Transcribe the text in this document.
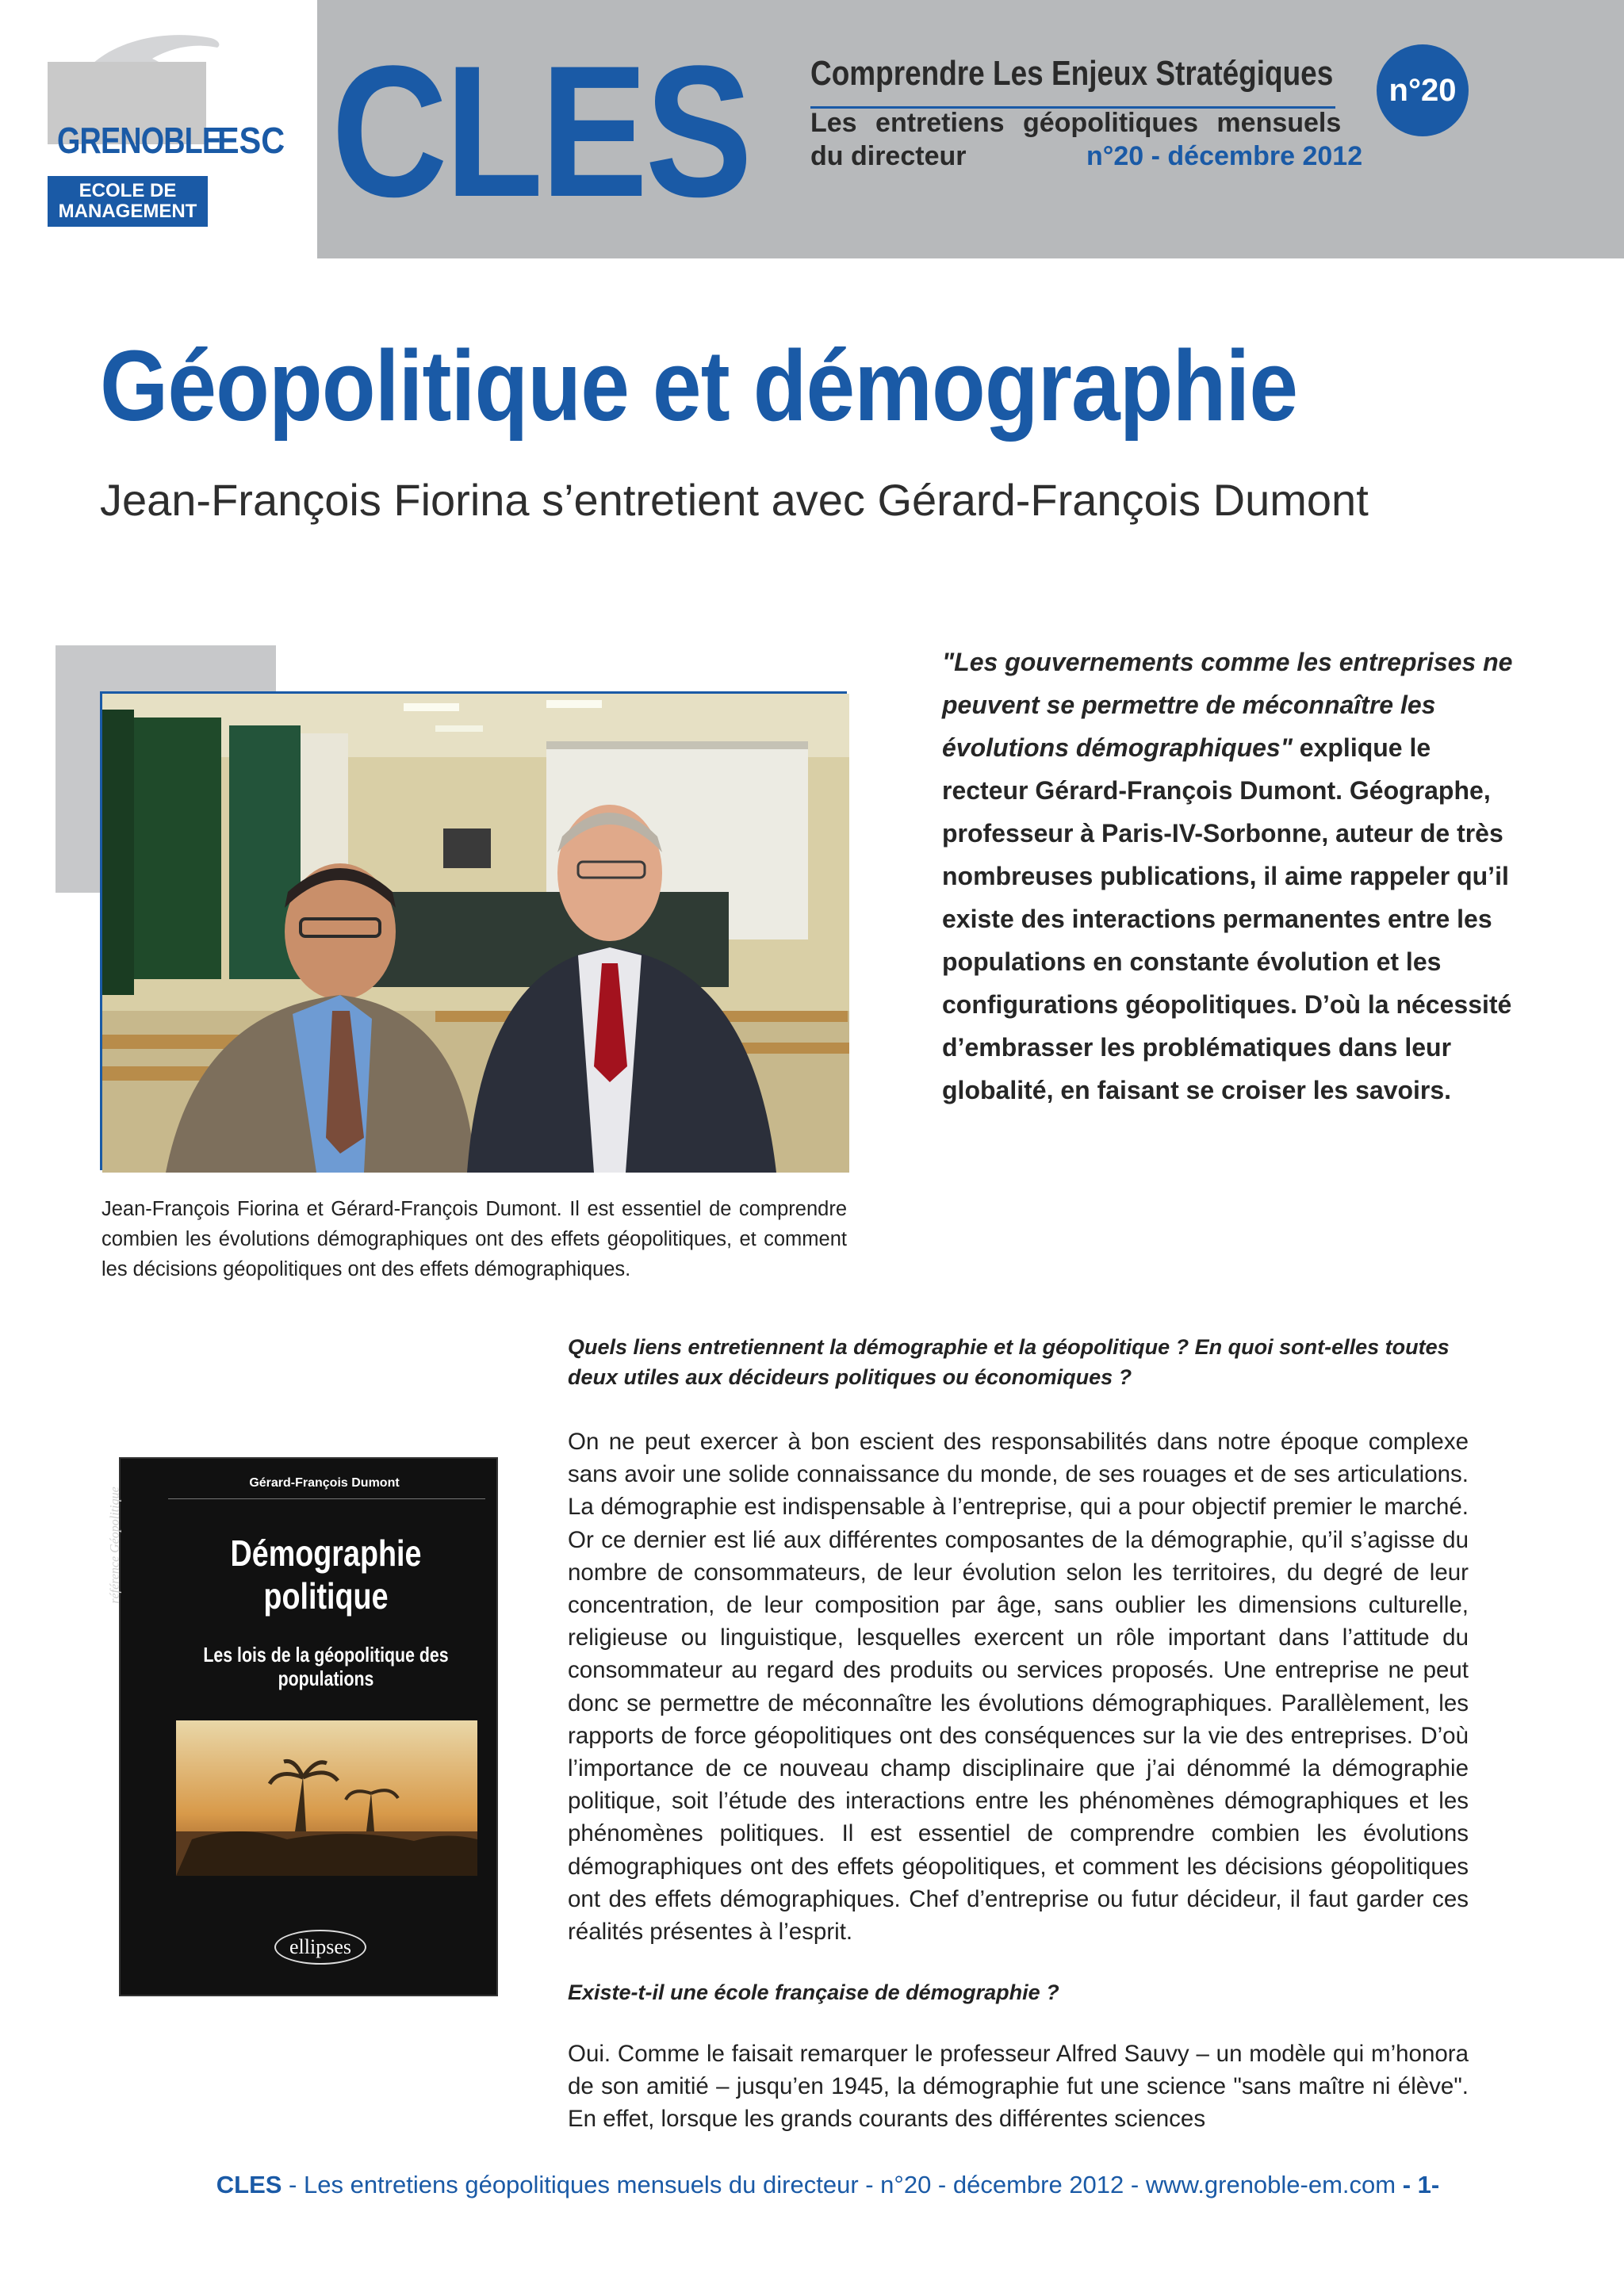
GRENOBLE
ESC
ECOLE DE
MANAGEMENT CLES Comprendre Les Enjeux Stratégiques
Les entretiens géopolitiques mensuels
du directeur	n°20 - décembre 2012
n°20
Géopolitique et démographie
Jean-François Fiorina s’entretient avec Gérard-François Dumont

Jean-François Fiorina et Gérard-François Dumont. Il est essentiel de comprendre combien les évolutions démographiques ont des effets géopolitiques, et comment les décisions géopolitiques ont des effets démographiques.

"Les gouvernements comme les entreprises ne peuvent se permettre de méconnaître les évolutions démographiques" explique le recteur Gérard-François Dumont. Géographe, professeur à Paris-IV-Sorbonne, auteur de très nombreuses publications, il aime rappeler qu’il existe des interactions permanentes entre les populations en constante évolution et les configurations géopolitiques. D’où la nécessité d’embrasser les problématiques dans leur globalité, en faisant se croiser les savoirs.

référence Géopolitique
Gérard-François Dumont
Démographie politique
Les lois de la géopolitique des populations
ellipses

Quels liens entretiennent la démographie et la géopolitique ? En quoi sont-elles toutes deux utiles aux décideurs politiques ou économiques ?

On ne peut exercer à bon escient des responsabilités dans notre époque complexe sans avoir une solide connaissance du monde, de ses rouages et de ses articulations. La démographie est indispensable à l’entreprise, qui a pour objectif premier le marché. Or ce dernier est lié aux différentes composantes de la démographie, qu’il s’agisse du nombre de consommateurs, de leur évolution selon les territoires, du degré de leur concentration, de leur composition par âge, sans oublier les dimensions culturelle, religieuse ou linguistique, lesquelles exercent un rôle important dans l’attitude du consommateur au regard des produits ou services proposés. Une entreprise ne peut donc se permettre de méconnaître les évolutions démographiques. Parallèlement, les rapports de force géopolitiques ont des conséquences sur la vie des entreprises. D’où l’importance de ce nouveau champ disciplinaire que j’ai dénommé la démographie politique, soit l’étude des interactions entre les phénomènes démographiques et les phénomènes politiques. Il est essentiel de comprendre combien les évolutions démographiques ont des effets géopolitiques, et comment les décisions géopolitiques ont des effets démographiques. Chef d’entreprise ou futur décideur, il faut garder ces réalités présentes à l’esprit.

Existe-t-il une école française de démographie ?

Oui. Comme le faisait remarquer le professeur Alfred Sauvy – un modèle qui m’honora de son amitié – jusqu’en 1945, la démographie fut une science "sans maître ni élève". En effet, lorsque les grands courants des différentes sciences

CLES - Les entretiens géopolitiques mensuels du directeur - n°20 - décembre 2012 - www.grenoble-em.com - 1-
